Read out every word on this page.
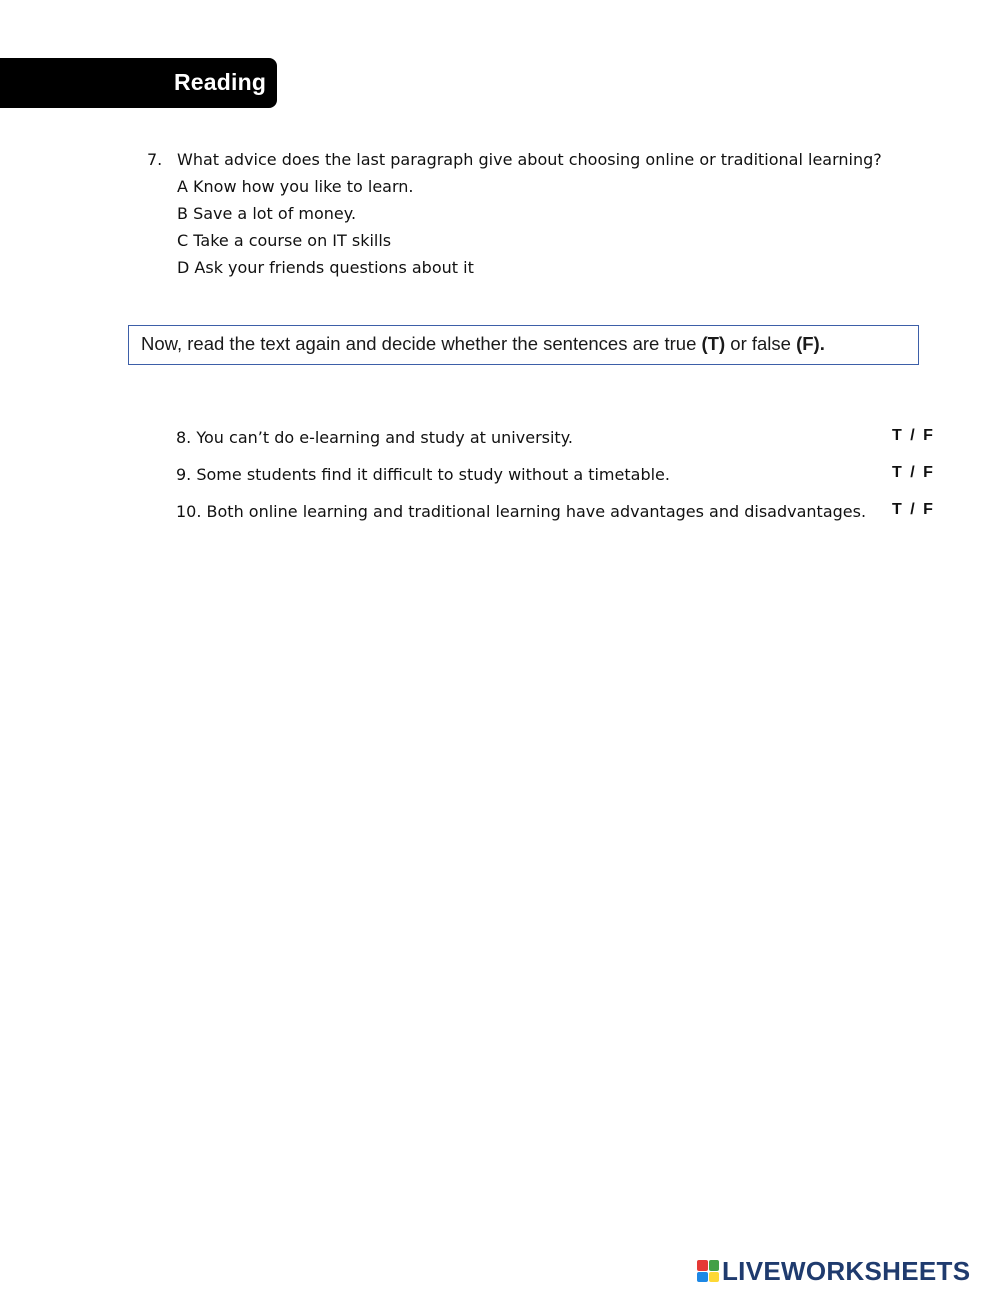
Reading
7. What advice does the last paragraph give about choosing online or traditional learning?
A Know how you like to learn.
B Save a lot of money.
C Take a course on IT skills
D Ask your friends questions about it
Now, read the text again and decide whether the sentences are true (T) or false (F).
8. You can’t do e-learning and study at university.	T / F
9. Some students find it difficult to study without a timetable.	T / F
10. Both online learning and traditional learning have advantages and disadvantages. T / F
LIVEWORKSHEETS
